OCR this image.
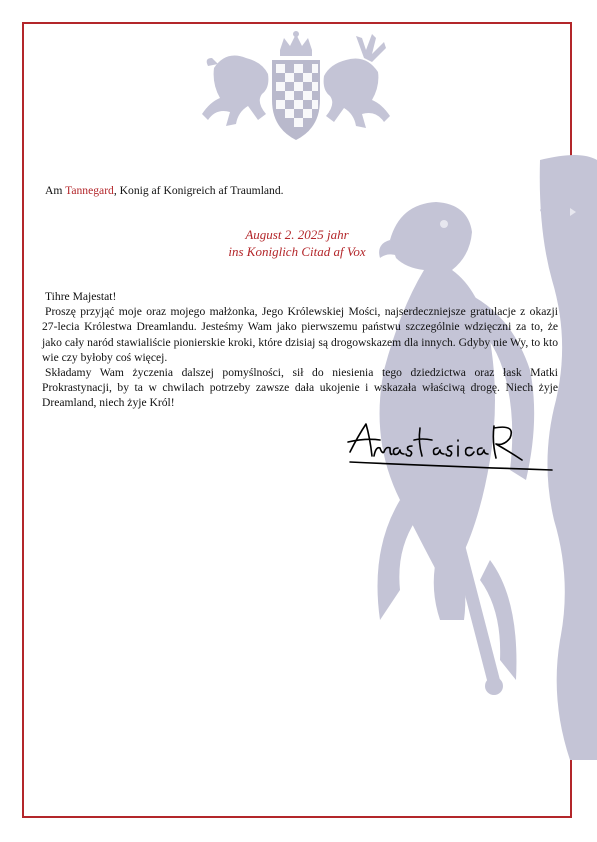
Am Tannegard, Konig af Konigreich af Traumland.
August 2. 2025 jahr
ins Koniglich Citad af Vox

Tihre Majestat!

Proszę przyjąć moje oraz mojego małżonka, Jego Królewskiej Mości, najserdeczniejsze gratulacje z okazji 27-lecia Królestwa Dreamlandu. Jesteśmy Wam jako pierwszemu państwu szczególnie wdzięczni za to, że jako cały naród stawialiście pionierskie kroki, które dzisiaj są drogowskazem dla innych. Gdyby nie Wy, to kto wie czy byłoby coś więcej.

Składamy Wam życzenia dalszej pomyślności, sił do niesienia tego dziedzictwa oraz łask Matki Prokrastynacji, by ta w chwilach potrzeby zawsze dała ukojenie i wskazała właściwą drogę. Niech żyje Dreamland, niech żyje Król!
